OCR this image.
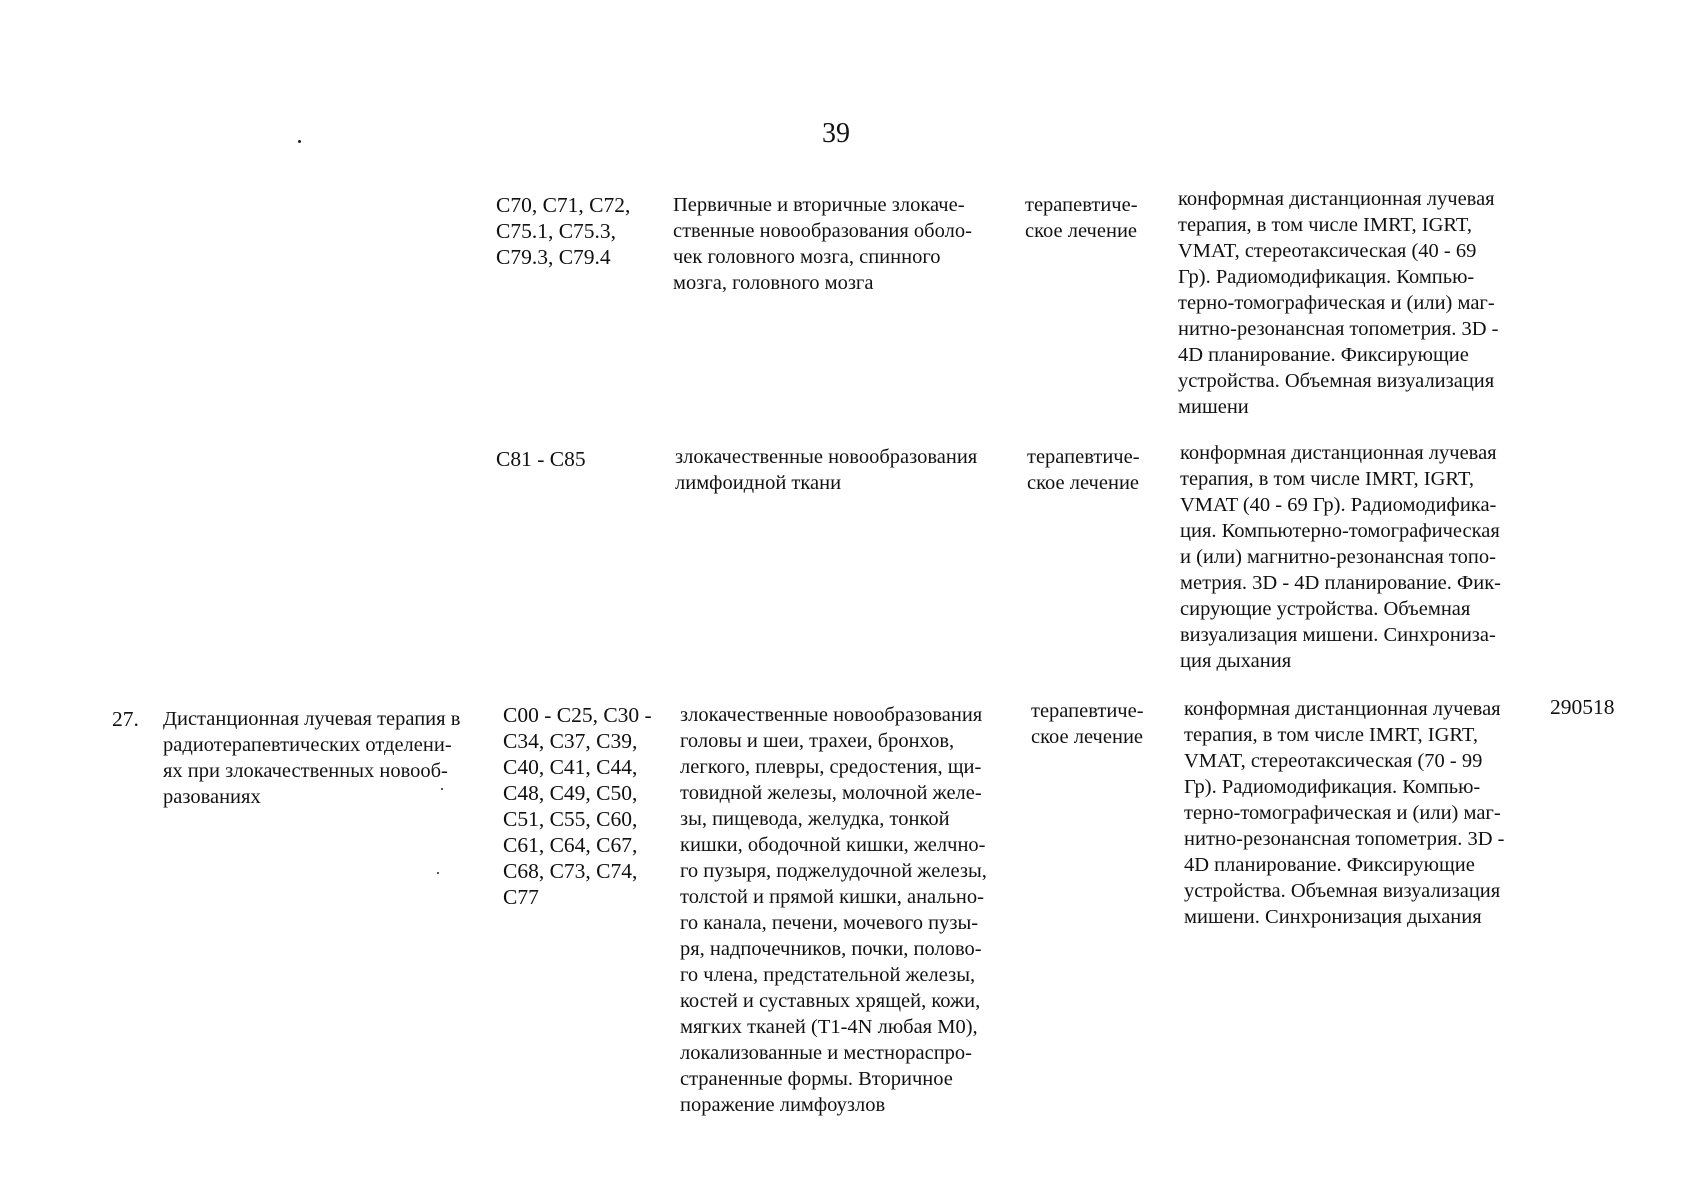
39
C70, C71, C72,
C75.1, C75.3,
C79.3, C79.4
Первичные и вторичные злокаче-
ственные новообразования оболо-
чек головного мозга, спинного
мозга, головного мозга
терапевтиче-
ское лечение
конформная дистанционная лучевая
терапия, в том числе IMRT, IGRT,
VMAT, стереотаксическая (40 - 69
Гр). Радиомодификация. Компью-
терно-томографическая и (или) маг-
нитно-резонансная топометрия. 3D -
4D планирование. Фиксирующие
устройства. Объемная визуализация
мишени
C81 - C85	злокачественные новообразования
лимфоидной ткани
терапевтиче-
ское лечение
конформная дистанционная лучевая
терапия, в том числе IMRT, IGRT,
VMAT (40 - 69 Гр). Радиомодифика-
ция. Компьютерно-томографическая
и (или) магнитно-резонансная топо-
метрия. 3D - 4D планирование. Фик-
сирующие устройства. Объемная
визуализация мишени. Синхрониза-
ция дыхания
27.	Дистанционная лучевая терапия в
радиотерапевтических отделени-
ях при злокачественных новооб-
разованиях
C00 - C25, C30 -
C34, C37, C39,
C40, C41, C44,
C48, C49, C50,
C51, C55, C60,
C61, C64, C67,
C68, C73, C74,
C77
злокачественные новообразования
головы и шеи, трахеи, бронхов,
легкого, плевры, средостения, щи-
товидной железы, молочной желе-
зы, пищевода, желудка, тонкой
кишки, ободочной кишки, желчно-
го пузыря, поджелудочной железы,
толстой и прямой кишки, анально-
го канала, печени, мочевого пузы-
ря, надпочечников, почки, полово-
го члена, предстательной железы,
костей и суставных хрящей, кожи,
мягких тканей (T1-4N любая M0),
локализованные и местнораспро-
страненные формы. Вторичное
поражение лимфоузлов
терапевтиче-
ское лечение
конформная дистанционная лучевая
терапия, в том числе IMRT, IGRT,
VMAT, стереотаксическая (70 - 99
Гр). Радиомодификация. Компью-
терно-томографическая и (или) маг-
нитно-резонансная топометрия. 3D -
4D планирование. Фиксирующие
устройства. Объемная визуализация
мишени. Синхронизация дыхания
290518
